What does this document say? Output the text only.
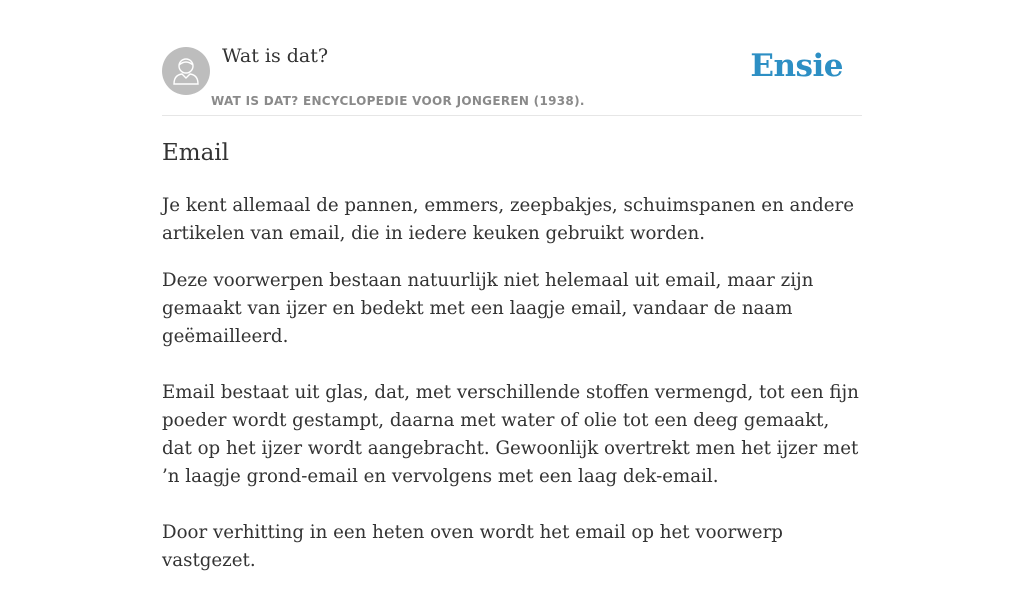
Wat is dat?
WAT IS DAT? ENCYCLOPEDIE VOOR JONGEREN (1938).
Ensie
Email

Je kent allemaal de pannen, emmers, zeepbakjes, schuimspanen en andere artikelen van email, die in iedere keuken gebruikt worden.

Deze voorwerpen bestaan natuurlijk niet helemaal uit email, maar zijn gemaakt van ijzer en bedekt met een laagje email, vandaar de naam geëmailleerd.

Email bestaat uit glas, dat, met verschillende stoffen vermengd, tot een fijn poeder wordt gestampt, daarna met water of olie tot een deeg gemaakt, dat op het ijzer wordt aangebracht. Gewoonlijk overtrekt men het ijzer met ’n laagje grond-email en vervolgens met een laag dek-email.

Door verhitting in een heten oven wordt het email op het voorwerp vastgezet.
